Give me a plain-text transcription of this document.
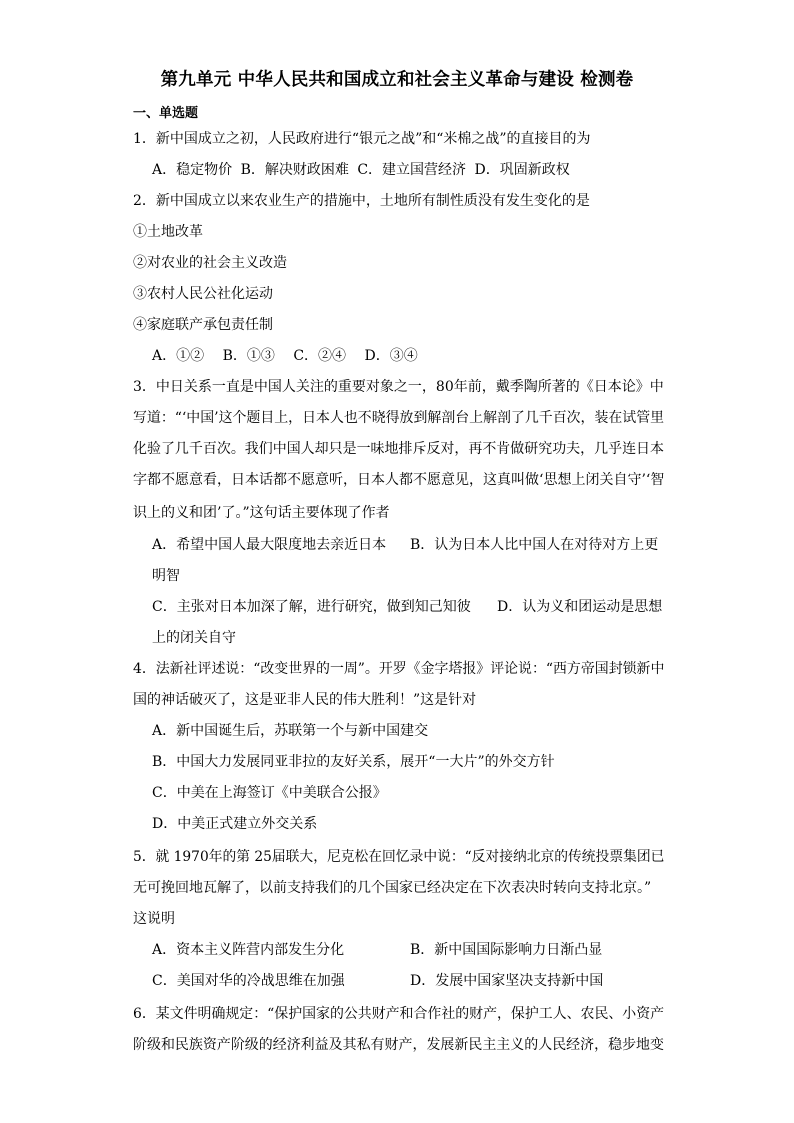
第九单元 中华人民共和国成立和社会主义革命与建设 检测卷
一、单选题
1．新中国成立之初，人民政府进行“银元之战”和“米棉之战”的直接目的为
A．稳定物价 B．解决财政困难 C．建立国营经济 D．巩固新政权
2．新中国成立以来农业生产的措施中，土地所有制性质没有发生变化的是
①土地改革
②对农业的社会主义改造
③农村人民公社化运动
④家庭联产承包责任制
A．①② B．①③ C．②④ D．③④
3．中日关系一直是中国人关注的重要对象之一，80年前，戴季陶所著的《日本论》中
写道：“‘中国’这个题目上，日本人也不晓得放到解剖台上解剖了几千百次，装在试管里
化验了几千百次。我们中国人却只是一味地排斥反对，再不肯做研究功夫，几乎连日本
字都不愿意看，日本话都不愿意听，日本人都不愿意见，这真叫做‘思想上闭关自守’‘智
识上的义和团’了。”这句话主要体现了作者
A．希望中国人最大限度地去亲近日本 B．认为日本人比中国人在对待对方上更
明智
C．主张对日本加深了解，进行研究，做到知己知彼 D．认为义和团运动是思想
上的闭关自守
4．法新社评述说：“改变世界的一周”。开罗《金字塔报》评论说：“西方帝国封锁新中
国的神话破灭了，这是亚非人民的伟大胜利！”这是针对
A．新中国诞生后，苏联第一个与新中国建交
B．中国大力发展同亚非拉的友好关系，展开“一大片”的外交方针
C．中美在上海签订《中美联合公报》
D．中美正式建立外交关系
5．就 1970年的第 25届联大，尼克松在回忆录中说：“反对接纳北京的传统投票集团已
无可挽回地瓦解了，以前支持我们的几个国家已经决定在下次表决时转向支持北京。”
这说明
A．资本主义阵营内部发生分化	B．新中国国际影响力日渐凸显
C．美国对华的冷战思维在加强	D．发展中国家坚决支持新中国
6．某文件明确规定：“保护国家的公共财产和合作社的财产，保护工人、农民、小资产
阶级和民族资产阶级的经济利益及其私有财产，发展新民主主义的人民经济，稳步地变
